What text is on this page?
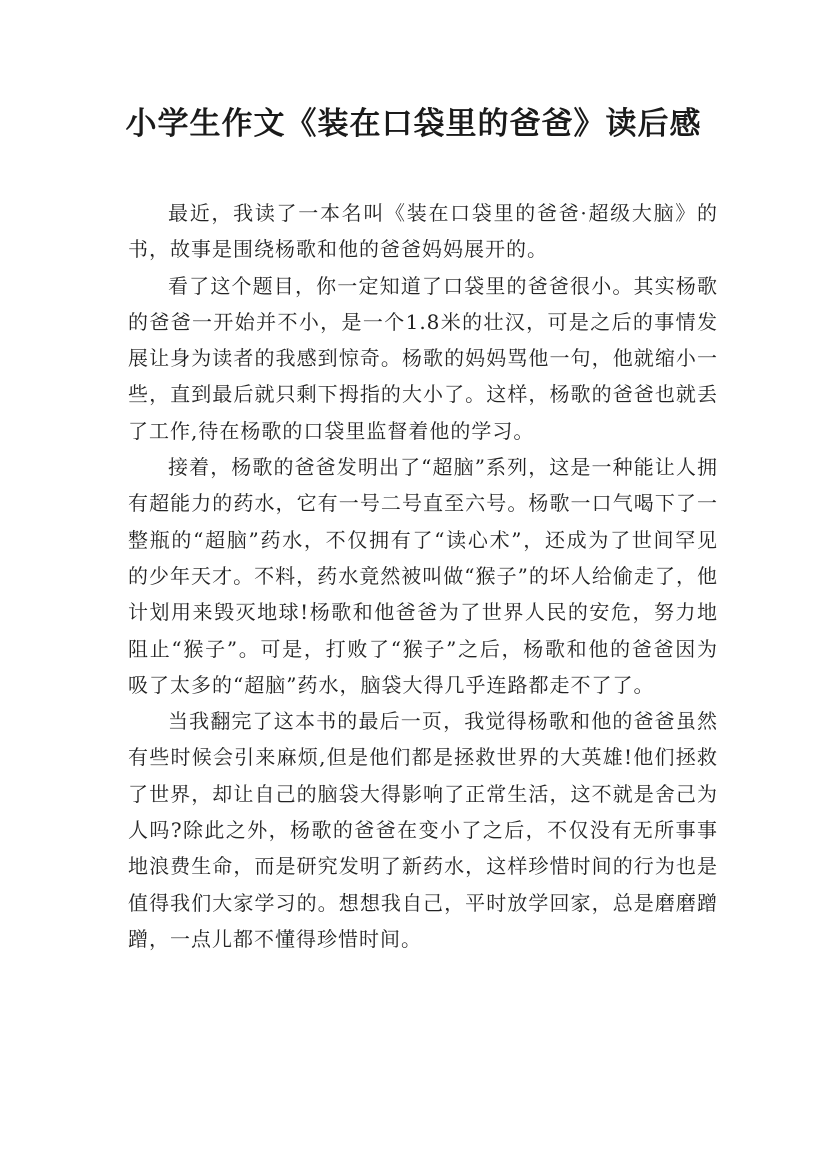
小学生作文《装在口袋里的爸爸》读后感

最近，我读了一本名叫《装在口袋里的爸爸·超级大脑》的书，故事是围绕杨歌和他的爸爸妈妈展开的。

看了这个题目，你一定知道了口袋里的爸爸很小。其实杨歌的爸爸一开始并不小，是一个1.8米的壮汉，可是之后的事情发展让身为读者的我感到惊奇。杨歌的妈妈骂他一句，他就缩小一些，直到最后就只剩下拇指的大小了。这样，杨歌的爸爸也就丢了工作,待在杨歌的口袋里监督着他的学习。

接着，杨歌的爸爸发明出了“超脑”系列，这是一种能让人拥有超能力的药水，它有一号二号直至六号。杨歌一口气喝下了一整瓶的“超脑”药水，不仅拥有了“读心术”，还成为了世间罕见的少年天才。不料，药水竟然被叫做“猴子”的坏人给偷走了，他计划用来毁灭地球!杨歌和他爸爸为了世界人民的安危，努力地阻止“猴子”。可是，打败了“猴子”之后，杨歌和他的爸爸因为吸了太多的“超脑”药水，脑袋大得几乎连路都走不了了。

当我翻完了这本书的最后一页，我觉得杨歌和他的爸爸虽然有些时候会引来麻烦,但是他们都是拯救世界的大英雄!他们拯救了世界，却让自己的脑袋大得影响了正常生活，这不就是舍己为人吗?除此之外，杨歌的爸爸在变小了之后，不仅没有无所事事地浪费生命，而是研究发明了新药水，这样珍惜时间的行为也是值得我们大家学习的。想想我自己，平时放学回家，总是磨磨蹭蹭，一点儿都不懂得珍惜时间。
